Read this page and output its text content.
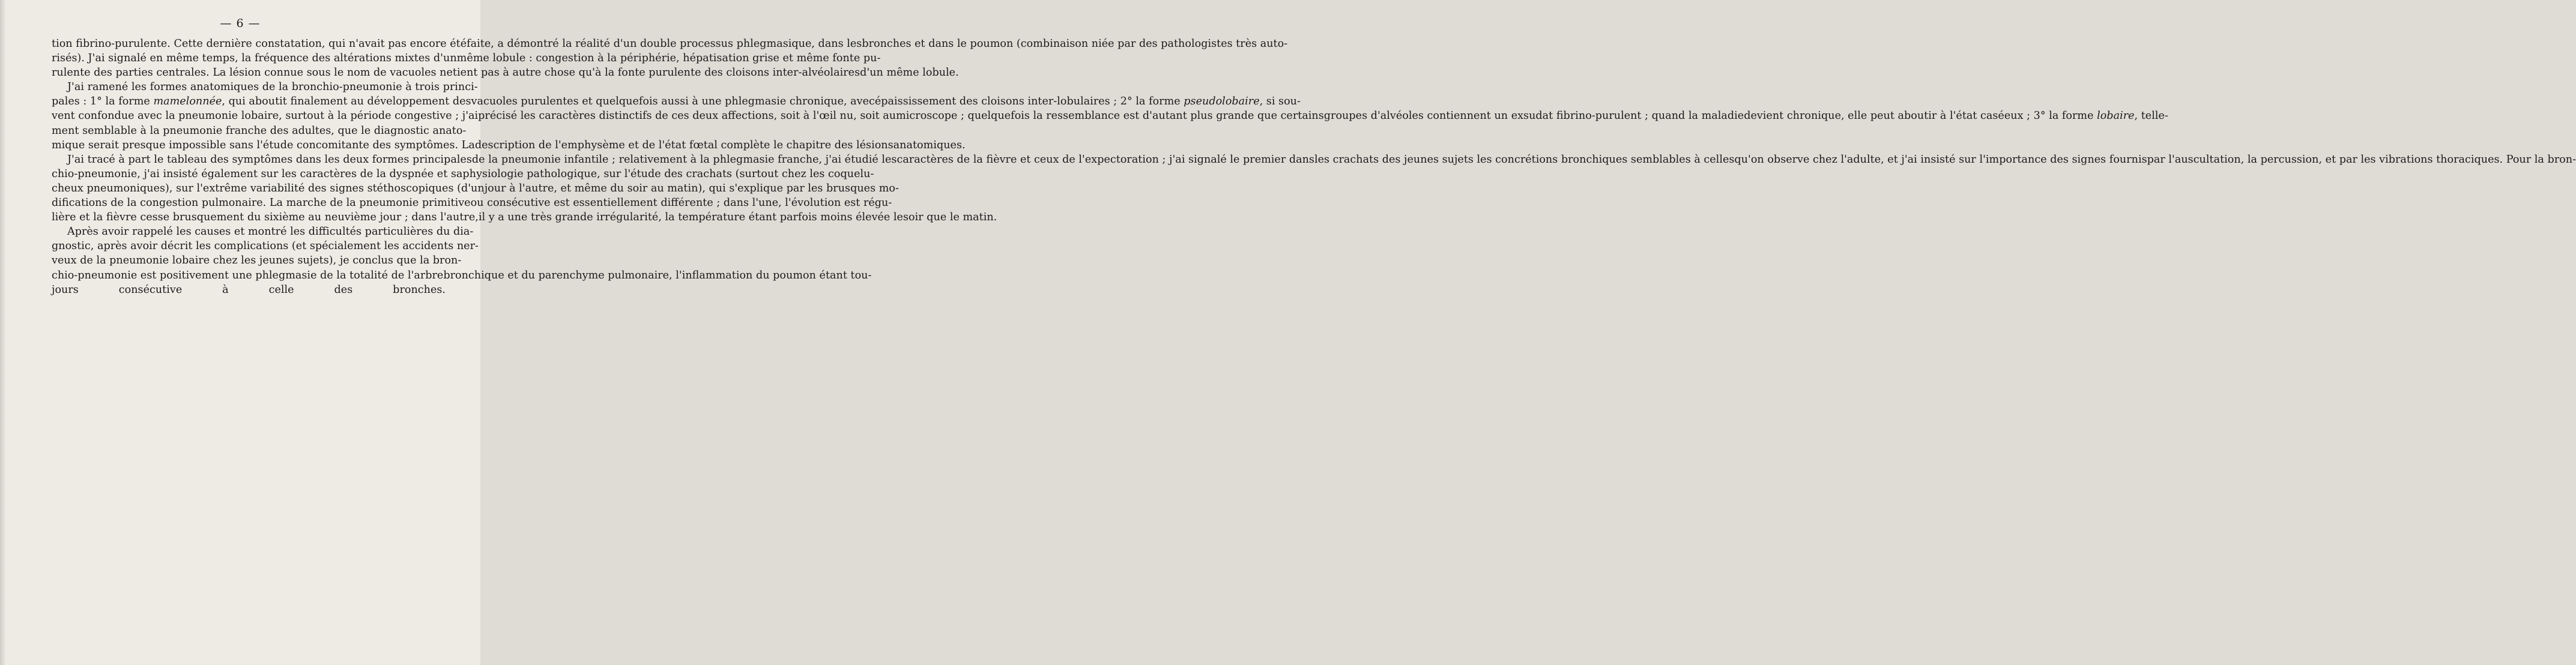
— 6 —

tion fibrino-purulente. Cette dernière constatation, qui n'avait pas encore étéfaite, a démontré la réalité d'un double processus phlegmasique, dans lesbronches et dans le poumon (combinaison niée par des pathologistes très auto-risés). J'ai signalé en même temps, la fréquence des altérations mixtes d'unmême lobule : congestion à la périphérie, hépatisation grise et même fonte pu-rulente des parties centrales. La lésion connue sous le nom de vacuoles netient pas à autre chose qu'à la fonte purulente des cloisons inter-alvéolairesd'un même lobule.

J'ai ramené les formes anatomiques de la bronchio-pneumonie à trois princi-pales : 1° la forme mamelonnée, qui aboutit finalement au développement desvacuoles purulentes et quelquefois aussi à une phlegmasie chronique, avecépaississement des cloisons inter-lobulaires ; 2° la forme pseudolobaire, si sou-vent confondue avec la pneumonie lobaire, surtout à la période congestive ; j'aiprécisé les caractères distinctifs de ces deux affections, soit à l'œil nu, soit aumicroscope ; quelquefois la ressemblance est d'autant plus grande que certainsgroupes d'alvéoles contiennent un exsudat fibrino-purulent ; quand la maladiedevient chronique, elle peut aboutir à l'état caséeux ; 3° la forme lobaire, telle-ment semblable à la pneumonie franche des adultes, que le diagnostic anato-mique serait presque impossible sans l'étude concomitante des symptômes. Ladescription de l'emphysème et de l'état fœtal complète le chapitre des lésionsanatomiques.

J'ai tracé à part le tableau des symptômes dans les deux formes principalesde la pneumonie infantile ; relativement à la phlegmasie franche, j'ai étudié lescaractères de la fièvre et ceux de l'expectoration ; j'ai signalé le premier dansles crachats des jeunes sujets les concrétions bronchiques semblables à cellesqu'on observe chez l'adulte, et j'ai insisté sur l'importance des signes fournispar l'auscultation, la percussion, et par les vibrations thoraciques. Pour la bron-chio-pneumonie, j'ai insisté également sur les caractères de la dyspnée et saphysiologie pathologique, sur l'étude des crachats (surtout chez les coquelu-cheux pneumoniques), sur l'extrême variabilité des signes stéthoscopiques (d'unjour à l'autre, et même du soir au matin), qui s'explique par les brusques mo-difications de la congestion pulmonaire. La marche de la pneumonie primitiveou consécutive est essentiellement différente ; dans l'une, l'évolution est régu-lière et la fièvre cesse brusquement du sixième au neuvième jour ; dans l'autre,il y a une très grande irrégularité, la température étant parfois moins élevée lesoir que le matin.

Après avoir rappelé les causes et montré les difficultés particulières du dia-gnostic, après avoir décrit les complications (et spécialement les accidents ner-veux de la pneumonie lobaire chez les jeunes sujets), je conclus que la bron-chio-pneumonie est positivement une phlegmasie de la totalité de l'arbrebronchique et du parenchyme pulmonaire, l'inflammation du poumon étant tou-jours consécutive à celle des bronches.
